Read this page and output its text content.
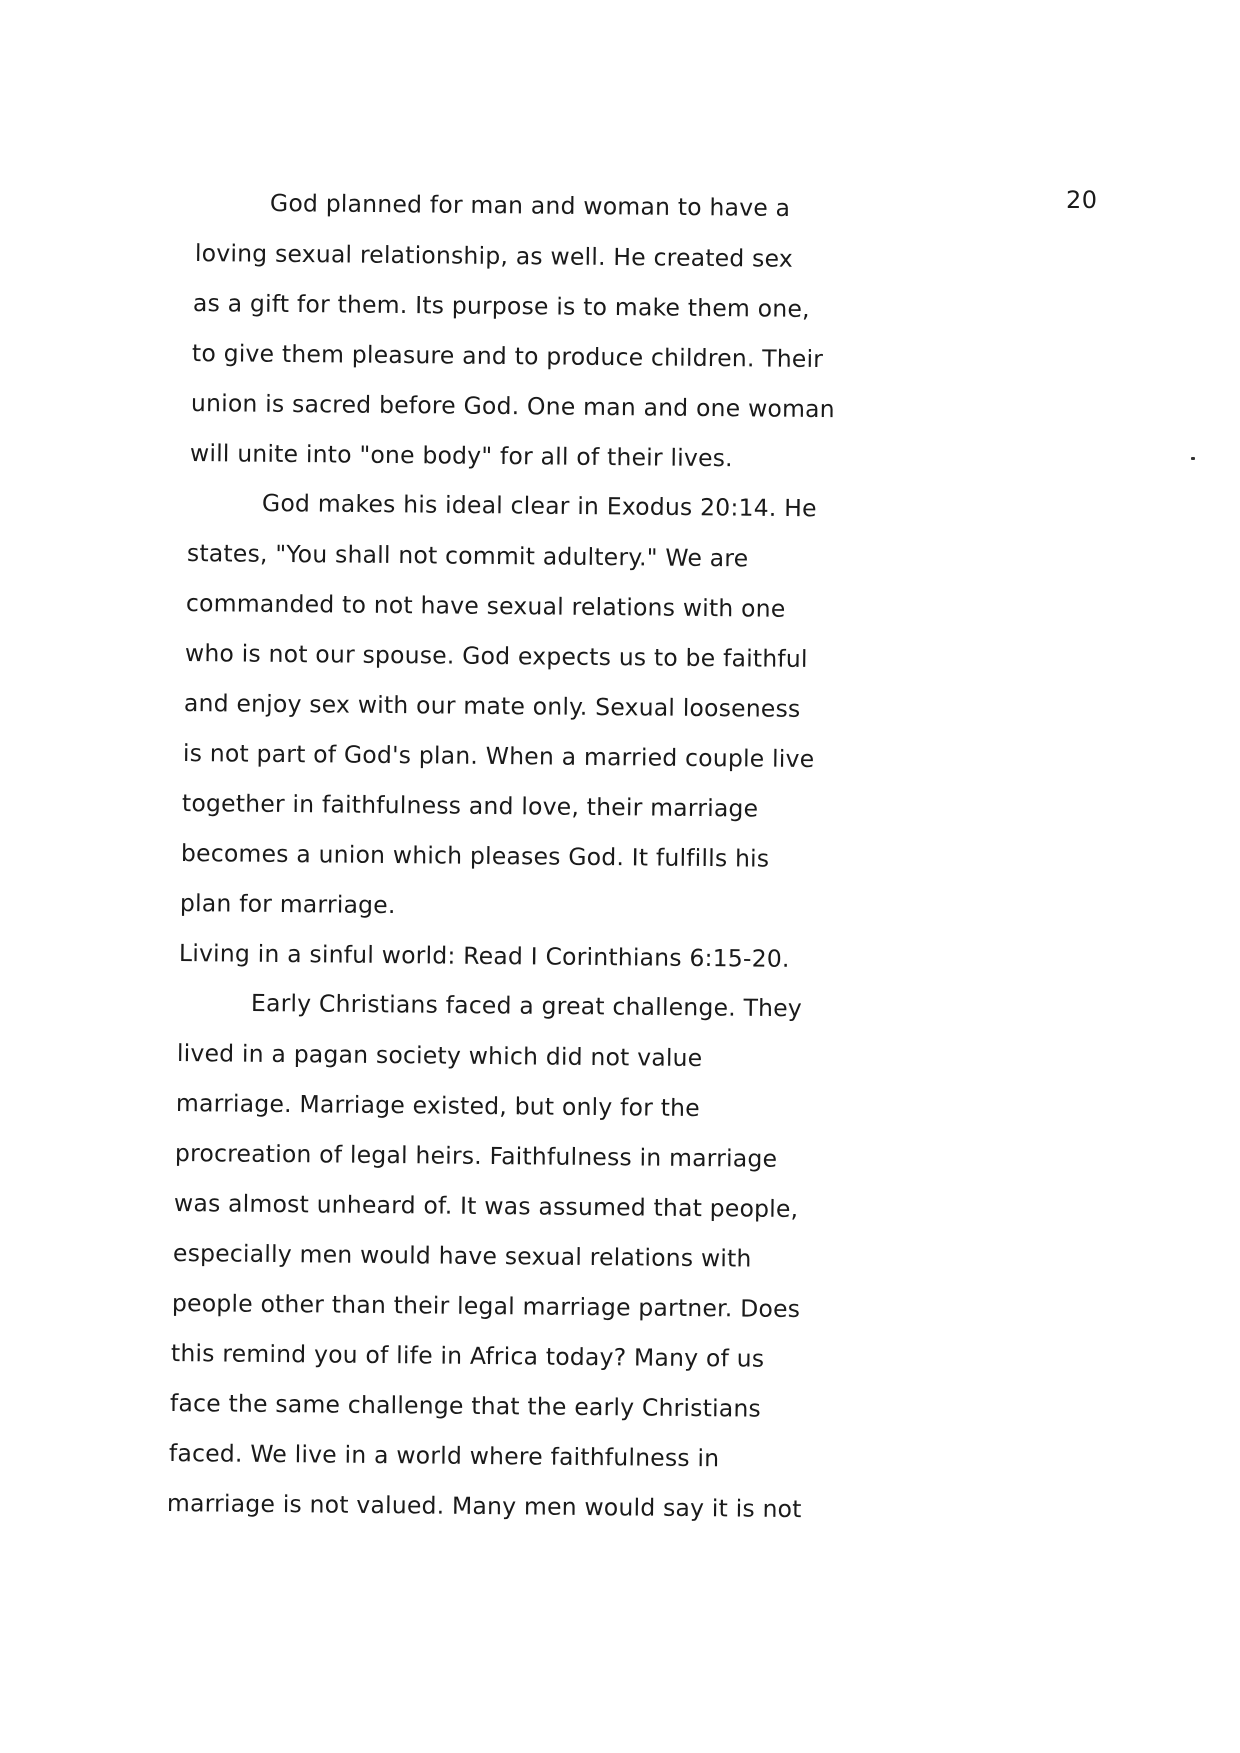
20
God planned for man and woman to have a
loving sexual relationship, as well. He created sex
as a gift for them. Its purpose is to make them one,
to give them pleasure and to produce children. Their
union is sacred before God. One man and one woman
will unite into "one body" for all of their lives.
God makes his ideal clear in Exodus 20:14. He
states, "You shall not commit adultery." We are
commanded to not have sexual relations with one
who is not our spouse. God expects us to be faithful
and enjoy sex with our mate only. Sexual looseness
is not part of God's plan. When a married couple live
together in faithfulness and love, their marriage
becomes a union which pleases God. It fulfills his
plan for marriage.
Living in a sinful world: Read I Corinthians 6:15-20.
Early Christians faced a great challenge. They
lived in a pagan society which did not value
marriage. Marriage existed, but only for the
procreation of legal heirs. Faithfulness in marriage
was almost unheard of. It was assumed that people,
especially men would have sexual relations with
people other than their legal marriage partner. Does
this remind you of life in Africa today? Many of us
face the same challenge that the early Christians
faced. We live in a world where faithfulness in
marriage is not valued. Many men would say it is not
